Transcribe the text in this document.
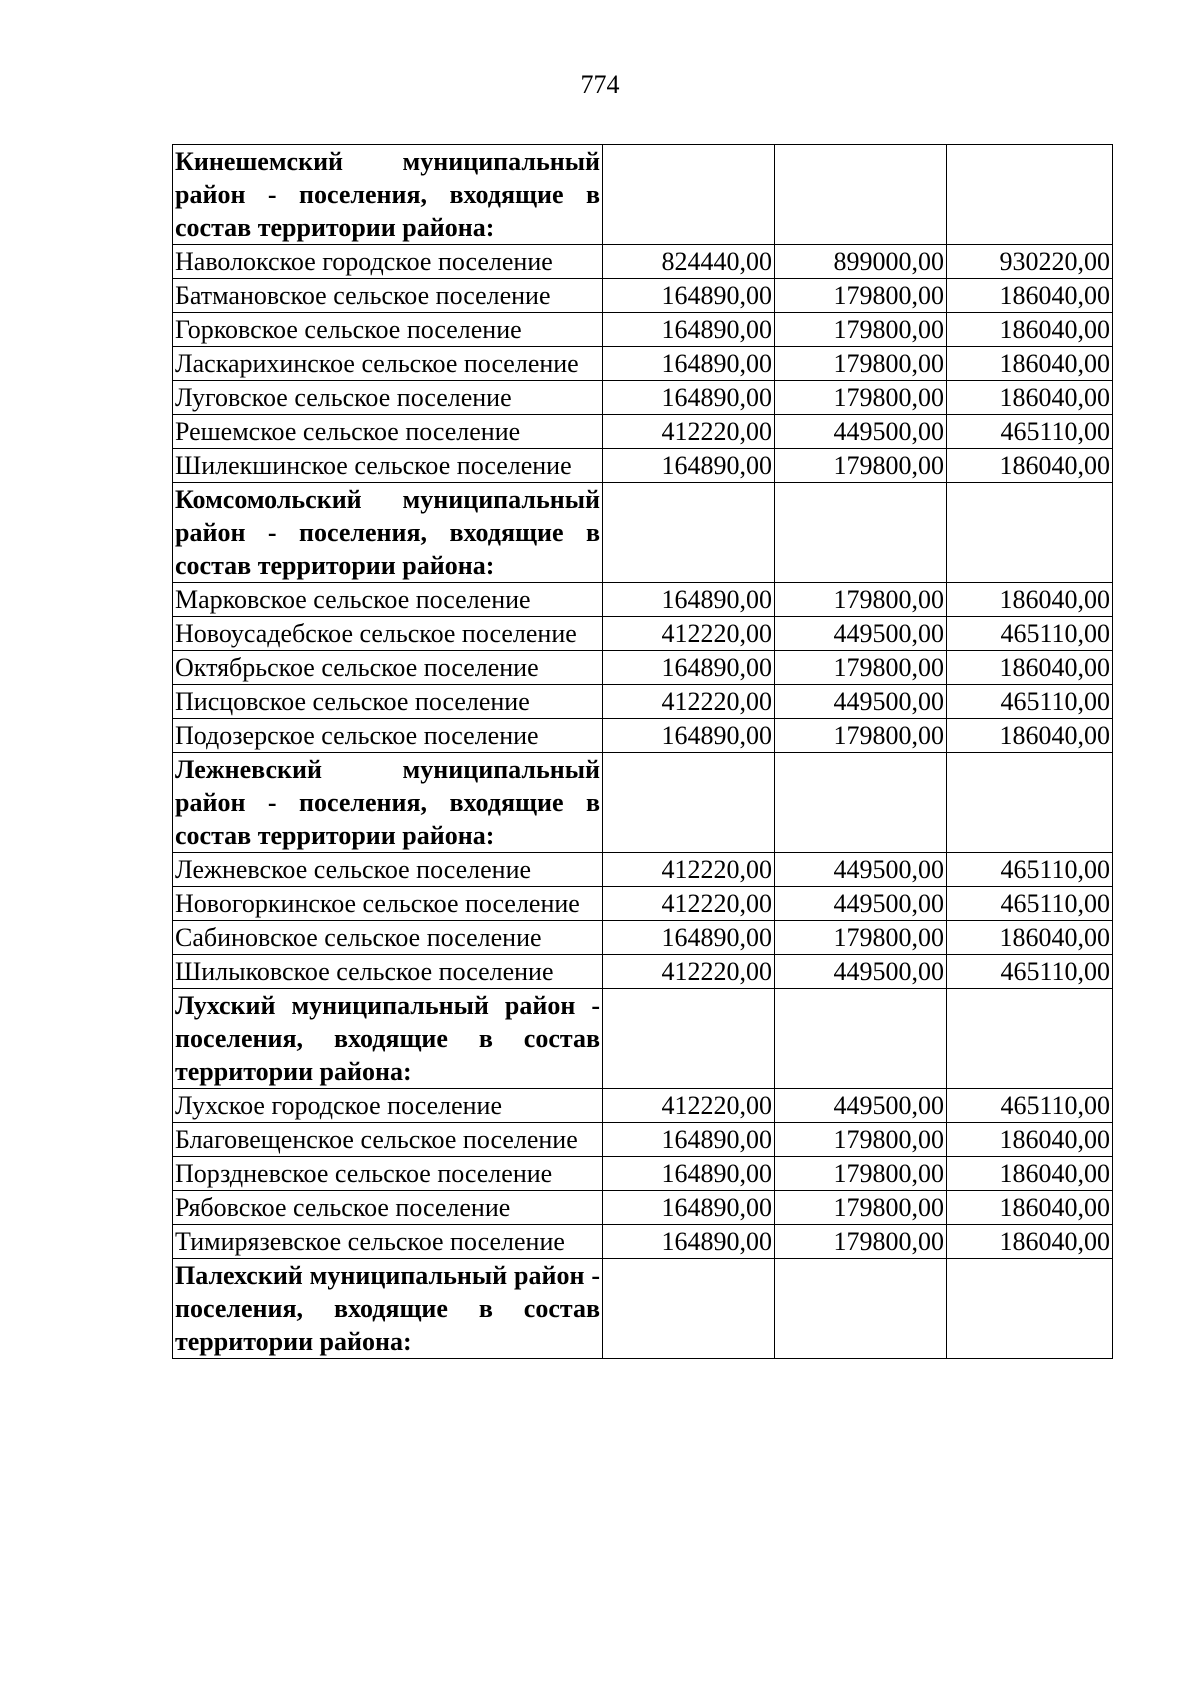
774
Кинешемский муниципальный район - поселения, входящие в состав территории района:			
Наволокское городское поселение	824440,00	899000,00	930220,00
Батмановское сельское поселение	164890,00	179800,00	186040,00
Горковское сельское поселение	164890,00	179800,00	186040,00
Ласкарихинское сельское поселение	164890,00	179800,00	186040,00
Луговское сельское поселение	164890,00	179800,00	186040,00
Решемское сельское поселение	412220,00	449500,00	465110,00
Шилекшинское сельское поселение	164890,00	179800,00	186040,00
Комсомольский муниципальный район - поселения, входящие в состав территории района:			
Марковское сельское поселение	164890,00	179800,00	186040,00
Новоусадебское сельское поселение	412220,00	449500,00	465110,00
Октябрьское сельское поселение	164890,00	179800,00	186040,00
Писцовское сельское поселение	412220,00	449500,00	465110,00
Подозерское сельское поселение	164890,00	179800,00	186040,00
Лежневский муниципальный район - поселения, входящие в состав территории района:			
Лежневское сельское поселение	412220,00	449500,00	465110,00
Новогоркинское сельское поселение	412220,00	449500,00	465110,00
Сабиновское сельское поселение	164890,00	179800,00	186040,00
Шилыковское сельское поселение	412220,00	449500,00	465110,00
Лухский муниципальный район - поселения, входящие в состав территории района:			
Лухское городское поселение	412220,00	449500,00	465110,00
Благовещенское сельское поселение	164890,00	179800,00	186040,00
Порздневское сельское поселение	164890,00	179800,00	186040,00
Рябовское сельское поселение	164890,00	179800,00	186040,00
Тимирязевское сельское поселение	164890,00	179800,00	186040,00
Палехский муниципальный район - поселения, входящие в состав территории района:			
